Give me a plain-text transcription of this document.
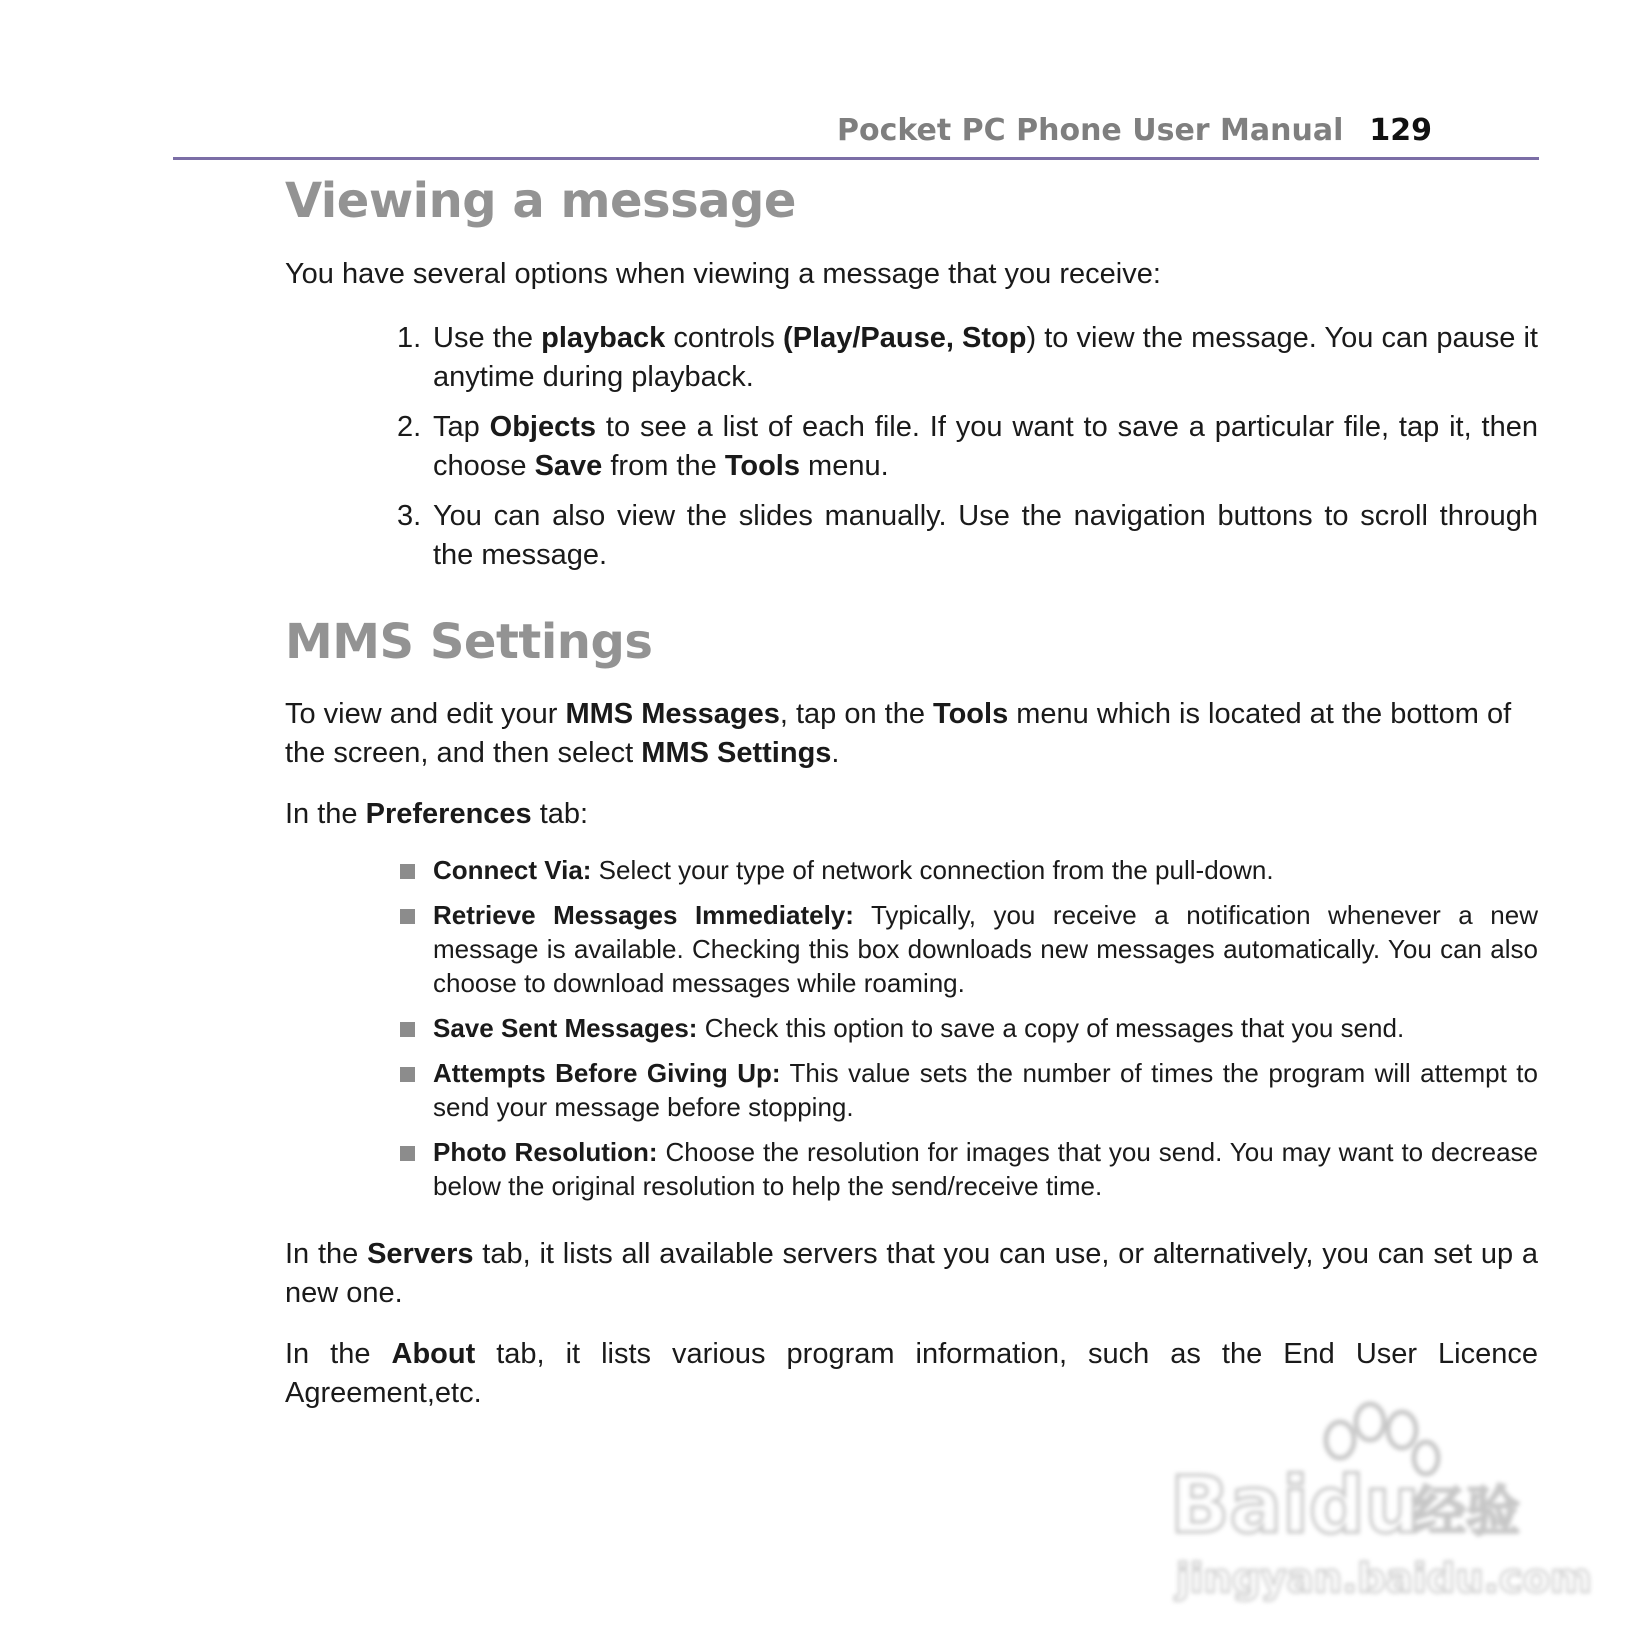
Pocket PC Phone User Manual 129
Viewing a message

You have several options when viewing a message that you receive:

1. Use the playback controls (Play/Pause, Stop) to view the message. You can pause it anytime during playback.
2. Tap Objects to see a list of each file. If you want to save a particular file, tap it, then choose Save from the Tools menu.
3. You can also view the slides manually. Use the navigation buttons to scroll through the message.
MMS Settings

To view and edit your MMS Messages, tap on the Tools menu which is located at the bottom of the screen, and then select MMS Settings.

In the Preferences tab:

Connect Via: Select your type of network connection from the pull-down.
Retrieve Messages Immediately: Typically, you receive a notification whenever a new message is available. Checking this box downloads new messages automatically. You can also choose to download messages while roaming.
Save Sent Messages: Check this option to save a copy of messages that you send.
Attempts Before Giving Up: This value sets the number of times the program will attempt to send your message before stopping.
Photo Resolution: Choose the resolution for images that you send. You may want to decrease below the original resolution to help the send/receive time.

In the Servers tab, it lists all available servers that you can use, or alternatively, you can set up a new one.

In the About tab, it lists various program information, such as the End User Licence Agreement,etc.

Baidu
经验
jingyan.baidu.com
